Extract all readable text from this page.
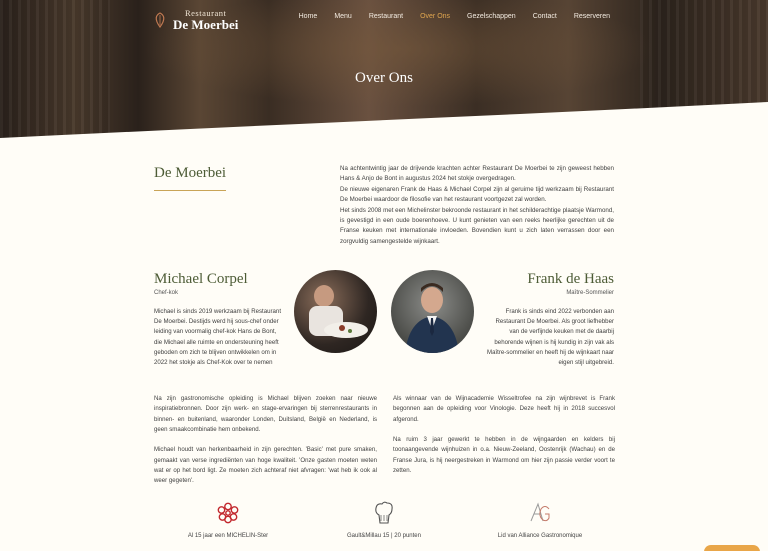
Restaurant
De Moerbei
Home Menu Restaurant Over Ons Gezelschappen Contact Reserveren
Over Ons
De Moerbei	Na achtentwintig jaar de drijvende krachten achter Restaurant De Moerbei te zijn geweest hebben Hans & Anjo de Bont in augustus 2024 het stokje overgedragen.

De nieuwe eigenaren Frank de Haas & Michael Corpel zijn al geruime tijd werkzaam bij Restaurant De Moerbei waardoor de filosofie van het restaurant voortgezet zal worden.

Het sinds 2008 met een Michelinster bekroonde restaurant in het schilderachtige plaatsje Warmond, is gevestigd in een oude boerenhoeve. U kunt genieten van een reeks heerlijke gerechten uit de Franse keuken met internationale invloeden. Bovendien kunt u zich laten verrassen door een zorgvuldig samengestelde wijnkaart.

Michael Corpel
Chef-kok
Michael is sinds 2019 werkzaam bij Restaurant De Moerbei. Destijds werd hij sous-chef onder leiding van voormalig chef-kok Hans de Bont, die Michael alle ruimte en ondersteuning heeft geboden om zich te blijven ontwikkelen om in 2022 het stokje als Chef-Kok over te nemen
Frank de Haas
Maître-Sommelier
Frank is sinds eind 2022 verbonden aan Restaurant De Moerbei. Als groot liefhebber van de verfijnde keuken met de daarbij behorende wijnen is hij kundig in zijn vak als Maître-sommelier en heeft hij de wijnkaart naar eigen stijl uitgebreid.

Na zijn gastronomische opleiding is Michael blijven zoeken naar nieuwe inspiratiebronnen. Door zijn werk- en stage-ervaringen bij sterrenrestaurants in binnen- en buitenland, waaronder Londen, Duitsland, België en Nederland, is geen smaakcombinatie hem onbekend.

Michael houdt van herkenbaarheid in zijn gerechten. 'Basic' met pure smaken, gemaakt van verse ingrediënten van hoge kwaliteit. 'Onze gasten moeten weten wat er op het bord ligt. Ze moeten zich achteraf niet afvragen: 'wat heb ik ook al weer gegeten'.

Als winnaar van de Wijnacademie Wisseltrofee na zijn wijnbrevet is Frank begonnen aan de opleiding voor Vinologie. Deze heeft hij in 2018 succesvol afgerond.

Na ruim 3 jaar gewerkt te hebben in de wijngaarden en kelders bij toonaangevende wijnhuizen in o.a. Nieuw-Zeeland, Oostenrijk (Wachau) en de Franse Jura, is hij neergestreken in Warmond om hier zijn passie verder voort te zetten.

Al 15 jaar een MICHELIN-Ster	Gault&Millau 15 | 20 punten	Lid van Alliance Gastronomique
